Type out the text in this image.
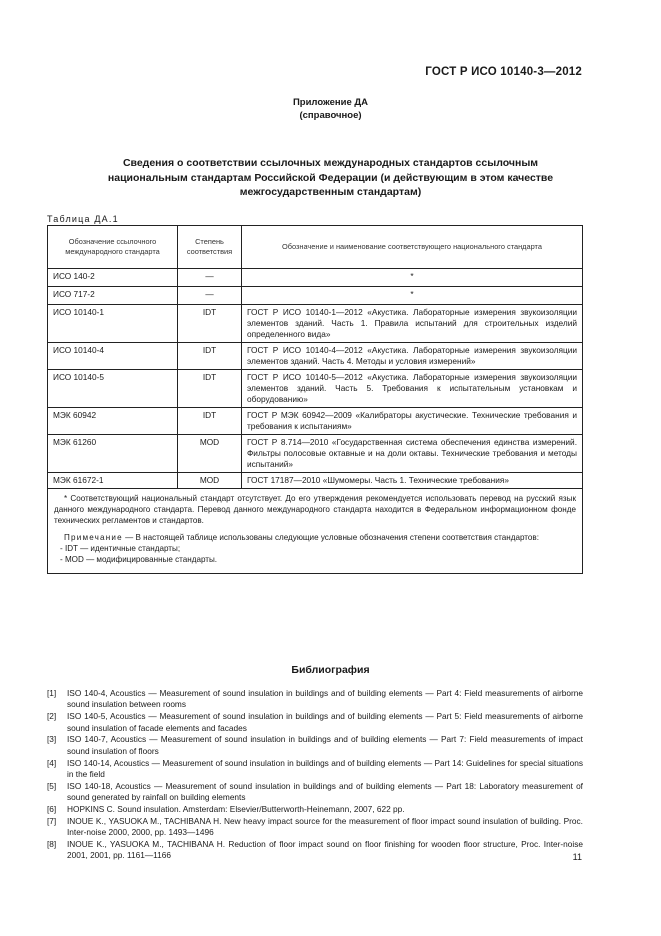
ГОСТ Р ИСО 10140-3—2012
Приложение ДА
(справочное)
Сведения о соответствии ссылочных международных стандартов ссылочным
национальным стандартам Российской Федерации (и действующим в этом качестве
межгосударственным стандартам)
Таблица ДА.1
Обозначение ссылочного международного стандарта	Степень соответствия	Обозначение и наименование соответствующего национального стандарта
ИСО 140-2	—	*
ИСО 717-2	—	*
ИСО 10140-1	IDT	ГОСТ Р ИСО 10140-1—2012 «Акустика. Лабораторные измерения звукоизоляции элементов зданий. Часть 1. Правила испытаний для строительных изделий определенного вида»
ИСО 10140-4	IDT	ГОСТ Р ИСО 10140-4—2012 «Акустика. Лабораторные измерения звукоизоляции элементов зданий. Часть 4. Методы и условия измерений»
ИСО 10140-5	IDT	ГОСТ Р ИСО 10140-5—2012 «Акустика. Лабораторные измерения звукоизоляции элементов зданий. Часть 5. Требования к испытательным установкам и оборудованию»
МЭК 60942	IDT	ГОСТ Р МЭК 60942—2009 «Калибраторы акустические. Технические требования и требования к испытаниям»
МЭК 61260	MOD	ГОСТ Р 8.714—2010 «Государственная система обеспечения единства измерений. Фильтры полосовые октавные и на доли октавы. Технические требования и методы испытаний»
МЭК 61672-1	MOD	ГОСТ 17187—2010 «Шумомеры. Часть 1. Технические требования»

* Соответствующий национальный стандарт отсутствует. До его утверждения рекомендуется использовать перевод на русский язык данного международного стандарта. Перевод данного международного стандарта находится в Федеральном информационном фонде технических регламентов и стандартов.

Примечание — В настоящей таблице использованы следующие условные обозначения степени соответствия стандартов:

- IDT — идентичные стандарты;
- MOD — модифицированные стандарты.		
Библиография
[1]	ISO 140-4, Acoustics — Measurement of sound insulation in buildings and of building elements — Part 4: Field measurements of airborne sound insulation between rooms
[2]	ISO 140-5, Acoustics — Measurement of sound insulation in buildings and of building elements — Part 5: Field measurements of airborne sound insulation of facade elements and facades
[3]	ISO 140-7, Acoustics — Measurement of sound insulation in buildings and of building elements — Part 7: Field measurements of impact sound insulation of floors
[4]	ISO 140-14, Acoustics — Measurement of sound insulation in buildings and of building elements — Part 14: Guidelines for special situations in the field
[5]	ISO 140-18, Acoustics — Measurement of sound insulation in buildings and of building elements — Part 18: Laboratory measurement of sound generated by rainfall on building elements
[6]	HOPKINS C. Sound insulation. Amsterdam: Elsevier/Butterworth-Heinemann, 2007, 622 pp.
[7]	INOUE K., YASUOKA M., TACHIBANA H. New heavy impact source for the measurement of floor impact sound insulation of building. Proc. Inter-noise 2000, 2000, pp. 1493—1496
[8]	INOUE K., YASUOKA M., TACHIBANA H. Reduction of floor impact sound on floor finishing for wooden floor structure, Proc. Inter-noise 2001, 2001, pp. 1161—1166	11
